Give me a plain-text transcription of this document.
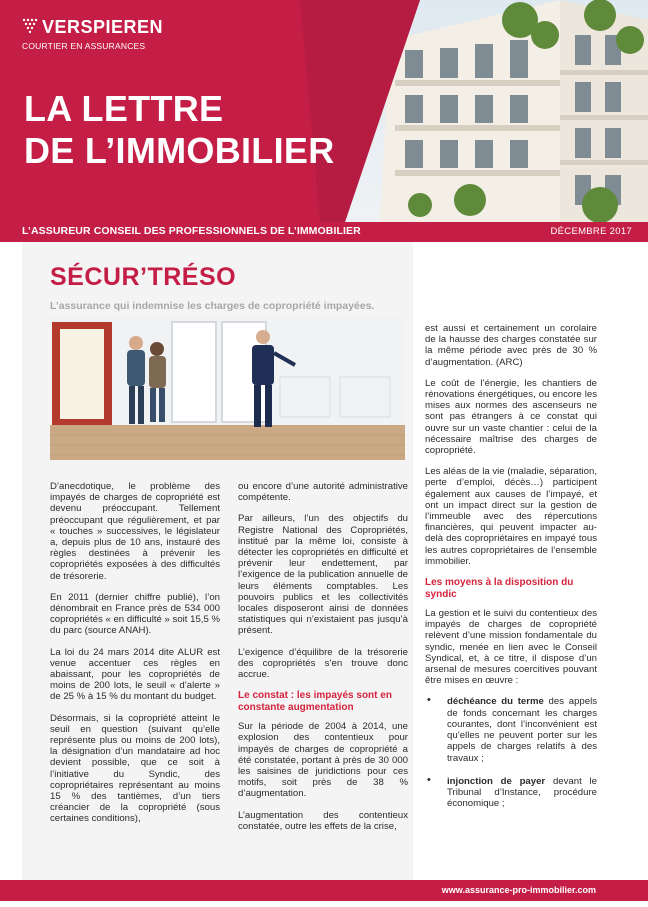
VERSPIEREN
COURTIER EN ASSURANCES
LA LETTRE
DE L’IMMOBILIER
L’ASSUREUR CONSEIL DES PROFESSIONNELS DE L’IMMOBILIER	DÉCEMBRE 2017
SÉCUR’TRÉSO
L’assurance qui indemnise les charges de copropriété impayées.

D’anecdotique, le problème des impayés de charges de copropriété est devenu préoccupant. Tellement préoccupant que régulièrement, et par « touches » successives, le législateur a, depuis plus de 10 ans, instauré des règles destinées à prévenir les copropriétés exposées à des difficultés de trésorerie.

En 2011 (dernier chiffre publié), l’on dénombrait en France près de 534 000 copropriétés « en difficulté » soit 15,5 % du parc (source ANAH).

La loi du 24 mars 2014 dite ALUR est venue accentuer ces règles en abaissant, pour les copropriétés de moins de 200 lots, le seuil « d’alerte » de 25 % à 15 % du montant du budget.

Désormais, si la copropriété atteint le seuil en question (suivant qu’elle représente plus ou moins de 200 lots), la désignation d’un mandataire ad hoc devient possible, que ce soit à l’initiative du Syndic, des copropriétaires représentant au moins 15 % des tantièmes, d’un tiers créancier de la copropriété (sous certaines conditions),

ou encore d’une autorité administrative compétente.

Par ailleurs, l’un des objectifs du Registre National des Copropriétés, institué par la même loi, consiste à détecter les copropriétés en difficulté et prévenir leur endettement, par l’exigence de la publication annuelle de leurs éléments comptables. Les pouvoirs publics et les collectivités locales disposeront ainsi de données statistiques qui n’existaient pas jusqu’à présent.

L’exigence d’équilibre de la trésorerie des copropriétés s’en trouve donc accrue.

Le constat : les impayés sont en constante augmentation

Sur la période de 2004 à 2014, une explosion des contentieux pour impayés de charges de copropriété a été constatée, portant à près de 30 000 les saisines de juridictions pour ces motifs, soit près de 38 % d’augmentation.

L’augmentation des contentieux constatée, outre les effets de la crise,

est aussi et certainement un corolaire de la hausse des charges constatée sur la même période avec près de 30 % d’augmentation. (ARC)

Le coût de l’énergie, les chantiers de rénovations énergétiques, ou encore les mises aux normes des ascenseurs ne sont pas étrangers à ce constat qui ouvre sur un vaste chantier : celui de la nécessaire maîtrise des charges de copropriété.

Les aléas de la vie (maladie, séparation, perte d’emploi, décès…) participent également aux causes de l’impayé, et ont un impact direct sur la gestion de l’immeuble avec des répercutions financières, qui peuvent impacter au-delà des copropriétaires en impayé tous les autres copropriétaires de l’ensemble immobilier.

Les moyens à la disposition du syndic

La gestion et le suivi du contentieux des impayés de charges de copropriété relèvent d’une mission fondamentale du syndic, menée en lien avec le Conseil Syndical, et, à ce titre, il dispose d’un arsenal de mesures coercitives pouvant être mises en œuvre :

• déchéance du terme des appels de fonds concernant les charges courantes, dont l’inconvénient est qu’elles ne peuvent porter sur les appels de charges relatifs à des travaux ;
• injonction de payer devant le Tribunal d’Instance, procédure économique ;
www.assurance-pro-immobilier.com
